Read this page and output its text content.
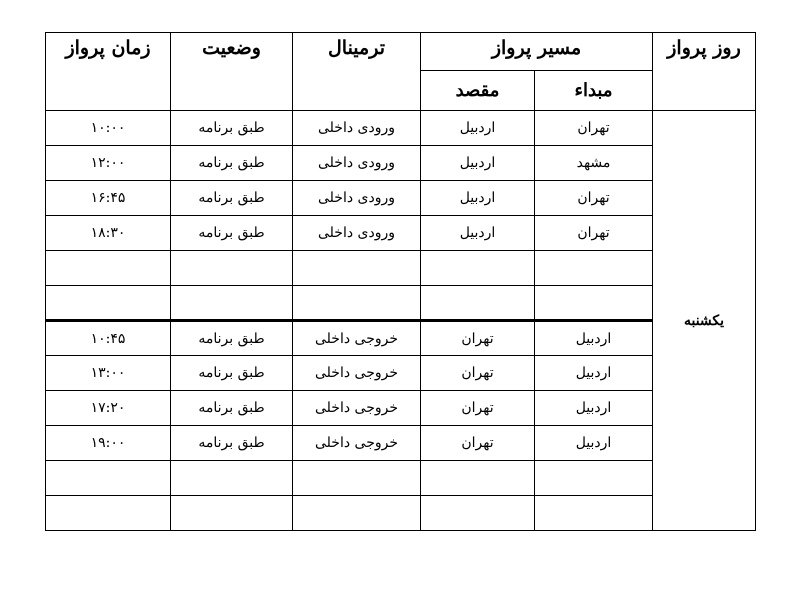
روز پرواز	مسیر پرواز		ترمینال	وضعیت	زمان پرواز
	مبداء	مقصد			
یکشنبه	تهران	اردبیل	ورودی داخلی	طبق برنامه	۱۰:۰۰
	مشهد	اردبیل	ورودی داخلی	طبق برنامه	۱۲:۰۰
	تهران	اردبیل	ورودی داخلی	طبق برنامه	۱۶:۴۵
	تهران	اردبیل	ورودی داخلی	طبق برنامه	۱۸:۳۰

	اردبیل	تهران	خروجی داخلی	طبق برنامه	۱۰:۴۵
	اردبیل	تهران	خروجی داخلی	طبق برنامه	۱۳:۰۰
	اردبیل	تهران	خروجی داخلی	طبق برنامه	۱۷:۲۰
	اردبیل	تهران	خروجی داخلی	طبق برنامه	۱۹:۰۰
